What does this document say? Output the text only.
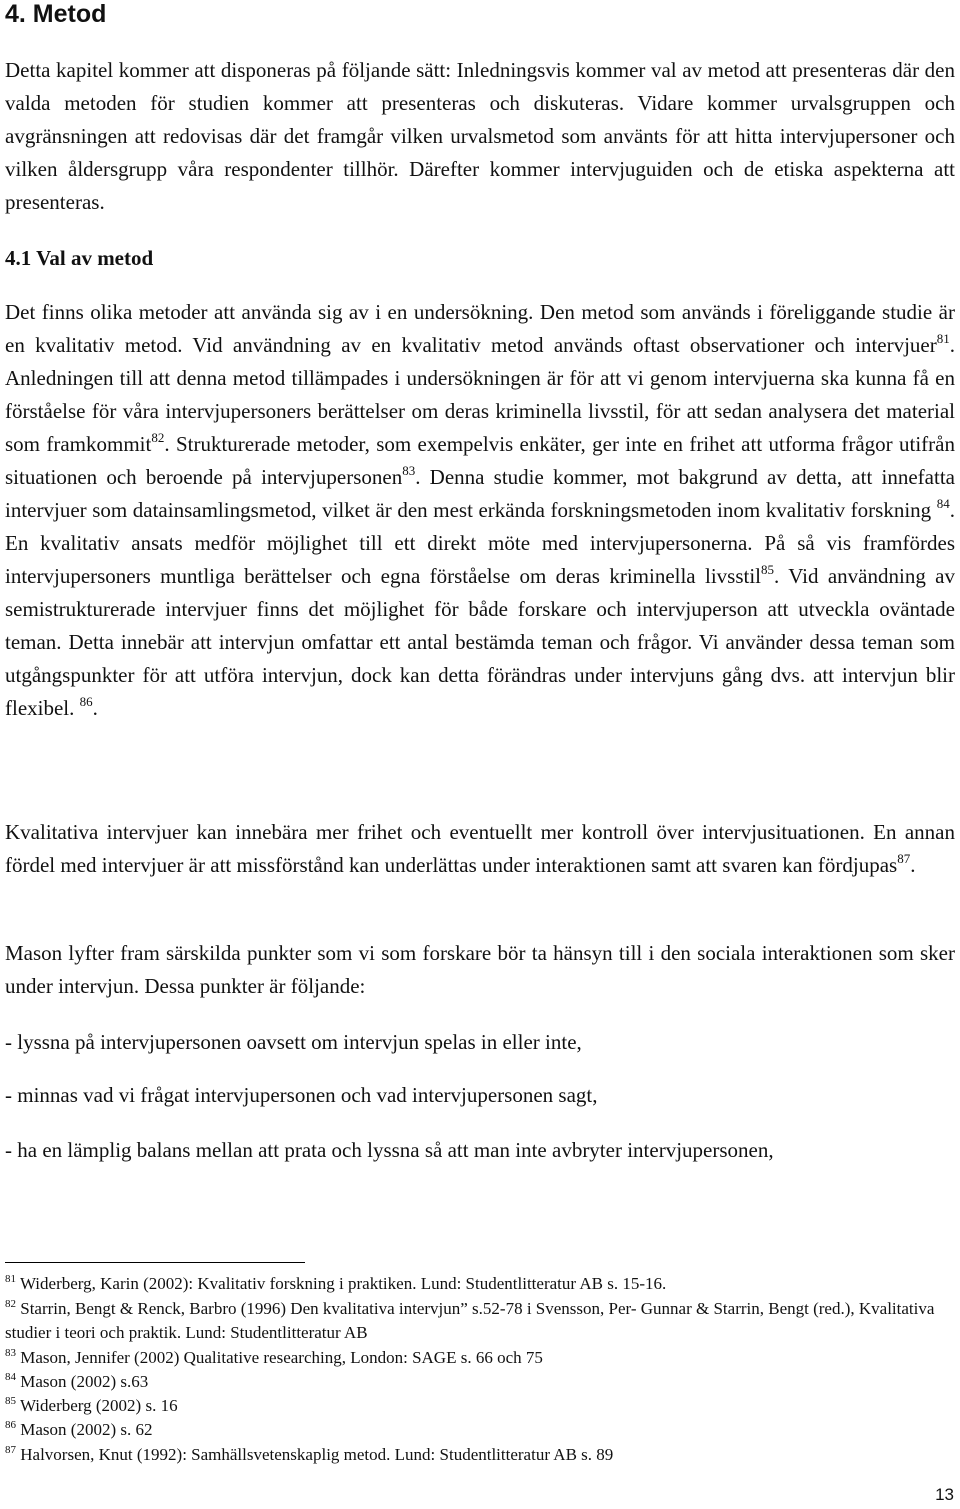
4. Metod

Detta kapitel kommer att disponeras på följande sätt: Inledningsvis kommer val av metod att presenteras där den valda metoden för studien kommer att presenteras och diskuteras. Vidare kommer urvalsgruppen och avgränsningen att redovisas där det framgår vilken urvalsmetod som använts för att hitta intervjupersoner och vilken åldersgrupp våra respondenter tillhör. Därefter kommer intervjuguiden och de etiska aspekterna att presenteras.

4.1 Val av metod

Det finns olika metoder att använda sig av i en undersökning. Den metod som används i föreliggande studie är en kvalitativ metod. Vid användning av en kvalitativ metod används oftast observationer och intervjuer$^{81}$. Anledningen till att denna metod tillämpades i undersökningen är för att vi genom intervjuerna ska kunna få en förståelse för våra intervjupersoners berättelser om deras kriminella livsstil, för att sedan analysera det material som framkommit$^{82}$. Strukturerade metoder, som exempelvis enkäter, ger inte en frihet att utforma frågor utifrån situationen och beroende på intervjupersonen$^{83}$. Denna studie kommer, mot bakgrund av detta, att innefatta intervjuer som datainsamlingsmetod, vilket är den mest erkända forskningsmetoden inom kvalitativ forskning $^{84}$. En kvalitativ ansats medför möjlighet till ett direkt möte med intervjupersonerna. På så vis framfördes intervjupersoners muntliga berättelser och egna förståelse om deras kriminella livsstil$^{85}$. Vid användning av semistrukturerade intervjuer finns det möjlighet för både forskare och intervjuperson att utveckla oväntade teman. Detta innebär att intervjun omfattar ett antal bestämda teman och frågor. Vi använder dessa teman som utgångspunkter för att utföra intervjun, dock kan detta förändras under intervjuns gång dvs. att intervjun blir flexibel. $^{86}$.

Kvalitativa intervjuer kan innebära mer frihet och eventuellt mer kontroll över intervjusituationen. En annan fördel med intervjuer är att missförstånd kan underlättas under interaktionen samt att svaren kan fördjupas$^{87}$.

Mason lyfter fram särskilda punkter som vi som forskare bör ta hänsyn till i den sociala interaktionen som sker under intervjun. Dessa punkter är följande:

- lyssna på intervjupersonen oavsett om intervjun spelas in eller inte,

- minnas vad vi frågat intervjupersonen och vad intervjupersonen sagt,

- ha en lämplig balans mellan att prata och lyssna så att man inte avbryter intervjupersonen,

$^{81}$ Widerberg, Karin (2002): Kvalitativ forskning i praktiken. Lund: Studentlitteratur AB s. 15-16.

$^{82}$ Starrin, Bengt & Renck, Barbro (1996) Den kvalitativa intervjun” s.52-78 i Svensson, Per- Gunnar & Starrin, Bengt (red.), Kvalitativa studier i teori och praktik. Lund: Studentlitteratur AB

$^{83}$ Mason, Jennifer (2002) Qualitative researching, London: SAGE s. 66 och 75

$^{84}$ Mason (2002) s.63

$^{85}$ Widerberg (2002) s. 16

$^{86}$ Mason (2002) s. 62

$^{87}$ Halvorsen, Knut (1992): Samhällsvetenskaplig metod. Lund: Studentlitteratur AB s. 89

13
